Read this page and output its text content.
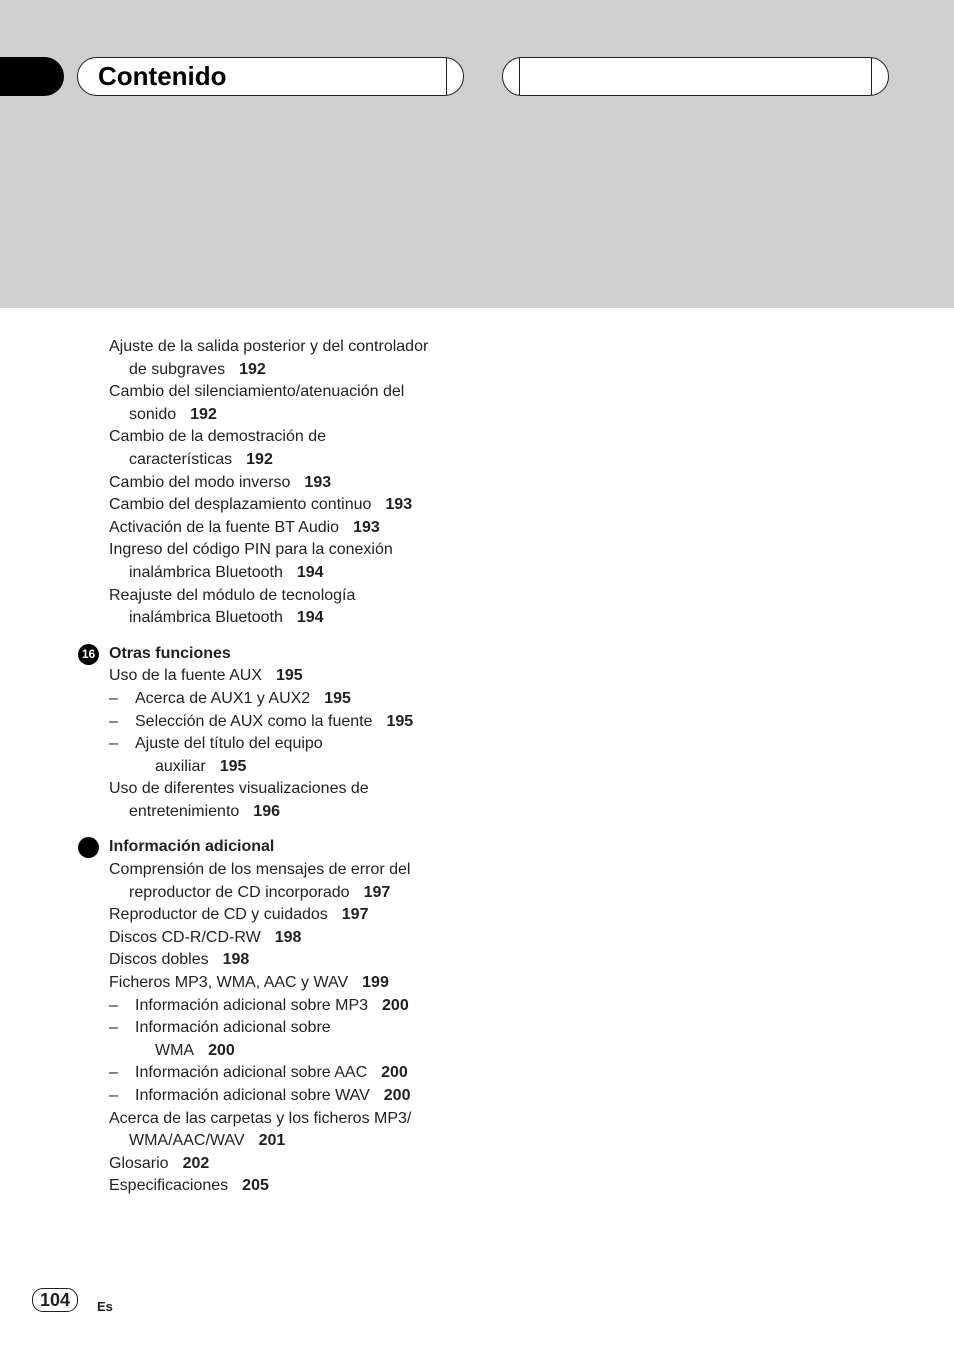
Contenido
Ajuste de la salida posterior y del controlador
de subgraves 192
Cambio del silenciamiento/atenuación del
sonido 192
Cambio de la demostración de
características 192
Cambio del modo inverso 193
Cambio del desplazamiento continuo 193
Activación de la fuente BT Audio 193
Ingreso del código PIN para la conexión
inalámbrica Bluetooth 194
Reajuste del módulo de tecnología
inalámbrica Bluetooth 194
16 Otras funciones
Uso de la fuente AUX 195
– Acerca de AUX1 y AUX2 195
– Selección de AUX como la fuente 195
– Ajuste del título del equipo
auxiliar 195
Uso de diferentes visualizaciones de
entretenimiento 196
Información adicional
Comprensión de los mensajes de error del
reproductor de CD incorporado 197
Reproductor de CD y cuidados 197
Discos CD-R/CD-RW 198
Discos dobles 198
Ficheros MP3, WMA, AAC y WAV 199
– Información adicional sobre MP3 200
– Información adicional sobre
WMA 200
– Información adicional sobre AAC 200
– Información adicional sobre WAV 200
Acerca de las carpetas y los ficheros MP3/
WMA/AAC/WAV 201
Glosario 202
Especificaciones 205
104	Es
